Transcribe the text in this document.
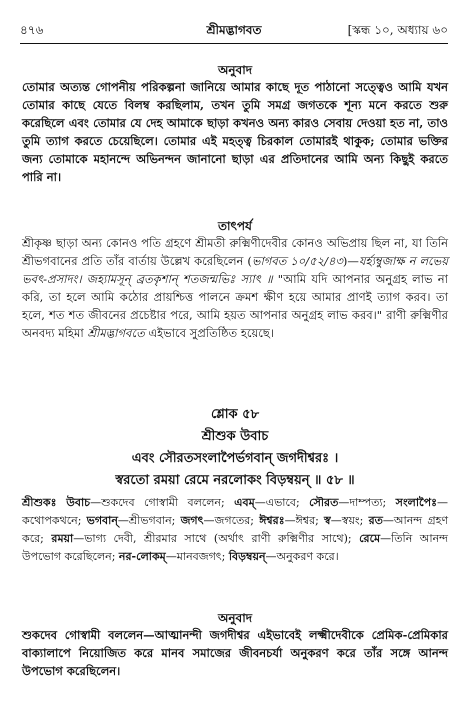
৪৭৬	শ্রীমদ্ভাগবত	[স্কন্ধ ১০, অধ্যায় ৬০
অনুবাদ
তোমার অত্যন্ত গোপনীয় পরিকল্পনা জানিয়ে আমার কাছে দূত পাঠানো সত্ত্বেও আমি যখন তোমার কাছে যেতে বিলম্ব করছিলাম, তখন তুমি সমগ্র জগতকে শূন্য মনে করতে শুরু করেছিলে এবং তোমার যে দেহ আমাকে ছাড়া কখনও অন্য কারও সেবায় দেওয়া হত না, তাও তুমি ত্যাগ করতে চেয়েছিলে। তোমার এই মহত্ত্ব চিরকাল তোমারই থাকুক; তোমার ভক্তির জন্য তোমাকে মহানন্দে অভিনন্দন জানানো ছাড়া এর প্রতিদানের আমি অন্য কিছুই করতে পারি না।
তাৎপর্য
শ্রীকৃষ্ণ ছাড়া অন্য কোনও পতি গ্রহণে শ্রীমতী রুক্মিণীদেবীর কোনও অভিপ্রায় ছিল না, যা তিনি শ্রীভগবানের প্রতি তাঁর বার্তায় উল্লেখ করেছিলেন (ভাগবত ১০/৫২/৪৩)—যর্হ্যম্বুজাক্ষ ন লভেয় ভবৎ-প্রসাদং। জহ্যামসূন্ ব্রতকৃশান্ শতজন্মভিঃ স্যাৎ ॥ "আমি যদি আপনার অনুগ্রহ লাভ না করি, তা হলে আমি কঠোর প্রায়শ্চিত্ত পালনে ক্রমশ ক্ষীণ হয়ে আমার প্রাণই ত্যাগ করব। তা হলে, শত শত জীবনের প্রচেষ্টার পরে, আমি হয়ত আপনার অনুগ্রহ লাভ করব।" রাণী রুক্মিণীর অনবদ্য মহিমা শ্রীমদ্ভাগবতে এইভাবে সুপ্রতিষ্ঠিত হয়েছে।
শ্লোক ৫৮
শ্রীশুক উবাচ
এবং সৌরতসংলাপৈর্ভগবান্ জগদীশ্বরঃ ।
স্বরতো রময়া রেমে নরলোকং বিড়ম্বয়ন্ ॥ ৫৮ ॥
শ্রীশুকঃ উবাচ—শুকদেব গোস্বামী বললেন; এবম্—এভাবে; সৌরত—দাম্পত্য; সংলাপৈঃ—কথোপকথনে; ভগবান্—শ্রীভগবান; জগৎ—জগতের; ঈশ্বরঃ—ঈশ্বর; স্ব—স্বয়ং; রত—আনন্দ গ্রহণ করে; রময়া—ভাগ্য দেবী, শ্রীরমার সাথে (অর্থাৎ রাণী রুক্মিণীর সাথে); রেমে—তিনি আনন্দ উপভোগ করেছিলেন; নর-লোকম্—মানবজগৎ; বিড়ম্বয়ন্—অনুকরণ করে।
অনুবাদ
শুকদেব গোস্বামী বললেন—আত্মানন্দী জগদীশ্বর এইভাবেই লক্ষ্মীদেবীকে প্রেমিক-প্রেমিকার বাক্যালাপে নিয়োজিত করে মানব সমাজের জীবনচর্যা অনুকরণ করে তাঁর সঙ্গে আনন্দ উপভোগ করেছিলেন।
